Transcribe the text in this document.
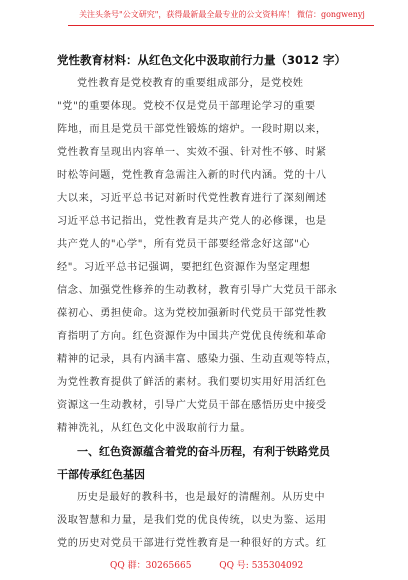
关注头条号"公文研究"，获得最新最全最专业的公文资料库！ 微信：gongwenyj
党性教育材料：从红色文化中汲取前行力量（3012 字）
党性教育是党校教育的重要组成部分，是党校姓
"党"的重要体现。党校不仅是党员干部理论学习的重要
阵地，而且是党员干部党性锻炼的熔炉。一段时期以来，
党性教育呈现出内容单一、实效不强、针对性不够、时紧
时松等问题，党性教育急需注入新的时代内涵。党的十八
大以来，习近平总书记对新时代党性教育进行了深刻阐述
习近平总书记指出，党性教育是共产党人的必修课，也是
共产党人的"心学"，所有党员干部要经常念好这部"心
经"。习近平总书记强调，要把红色资源作为坚定理想
信念、加强党性修养的生动教材，教育引导广大党员干部永
葆初心、勇担使命。这为党校加强新时代党员干部党性教
育指明了方向。红色资源作为中国共产党优良传统和革命
精神的记录，具有内涵丰富、感染力强、生动直观等特点，
为党性教育提供了鲜活的素材。我们要切实用好用活红色
资源这一生动教材，引导广大党员干部在感悟历史中接受
精神洗礼，从红色文化中汲取前行力量。
一、红色资源蕴含着党的奋斗历程，有利于铁路党员
干部传承红色基因
历史是最好的教科书，也是最好的清醒剂。从历史中
汲取智慧和力量，是我们党的优良传统，以史为鉴、运用
党的历史对党员干部进行党性教育是一种很好的方式。红
QQ 群：30265665	QQ 号: 535304092
